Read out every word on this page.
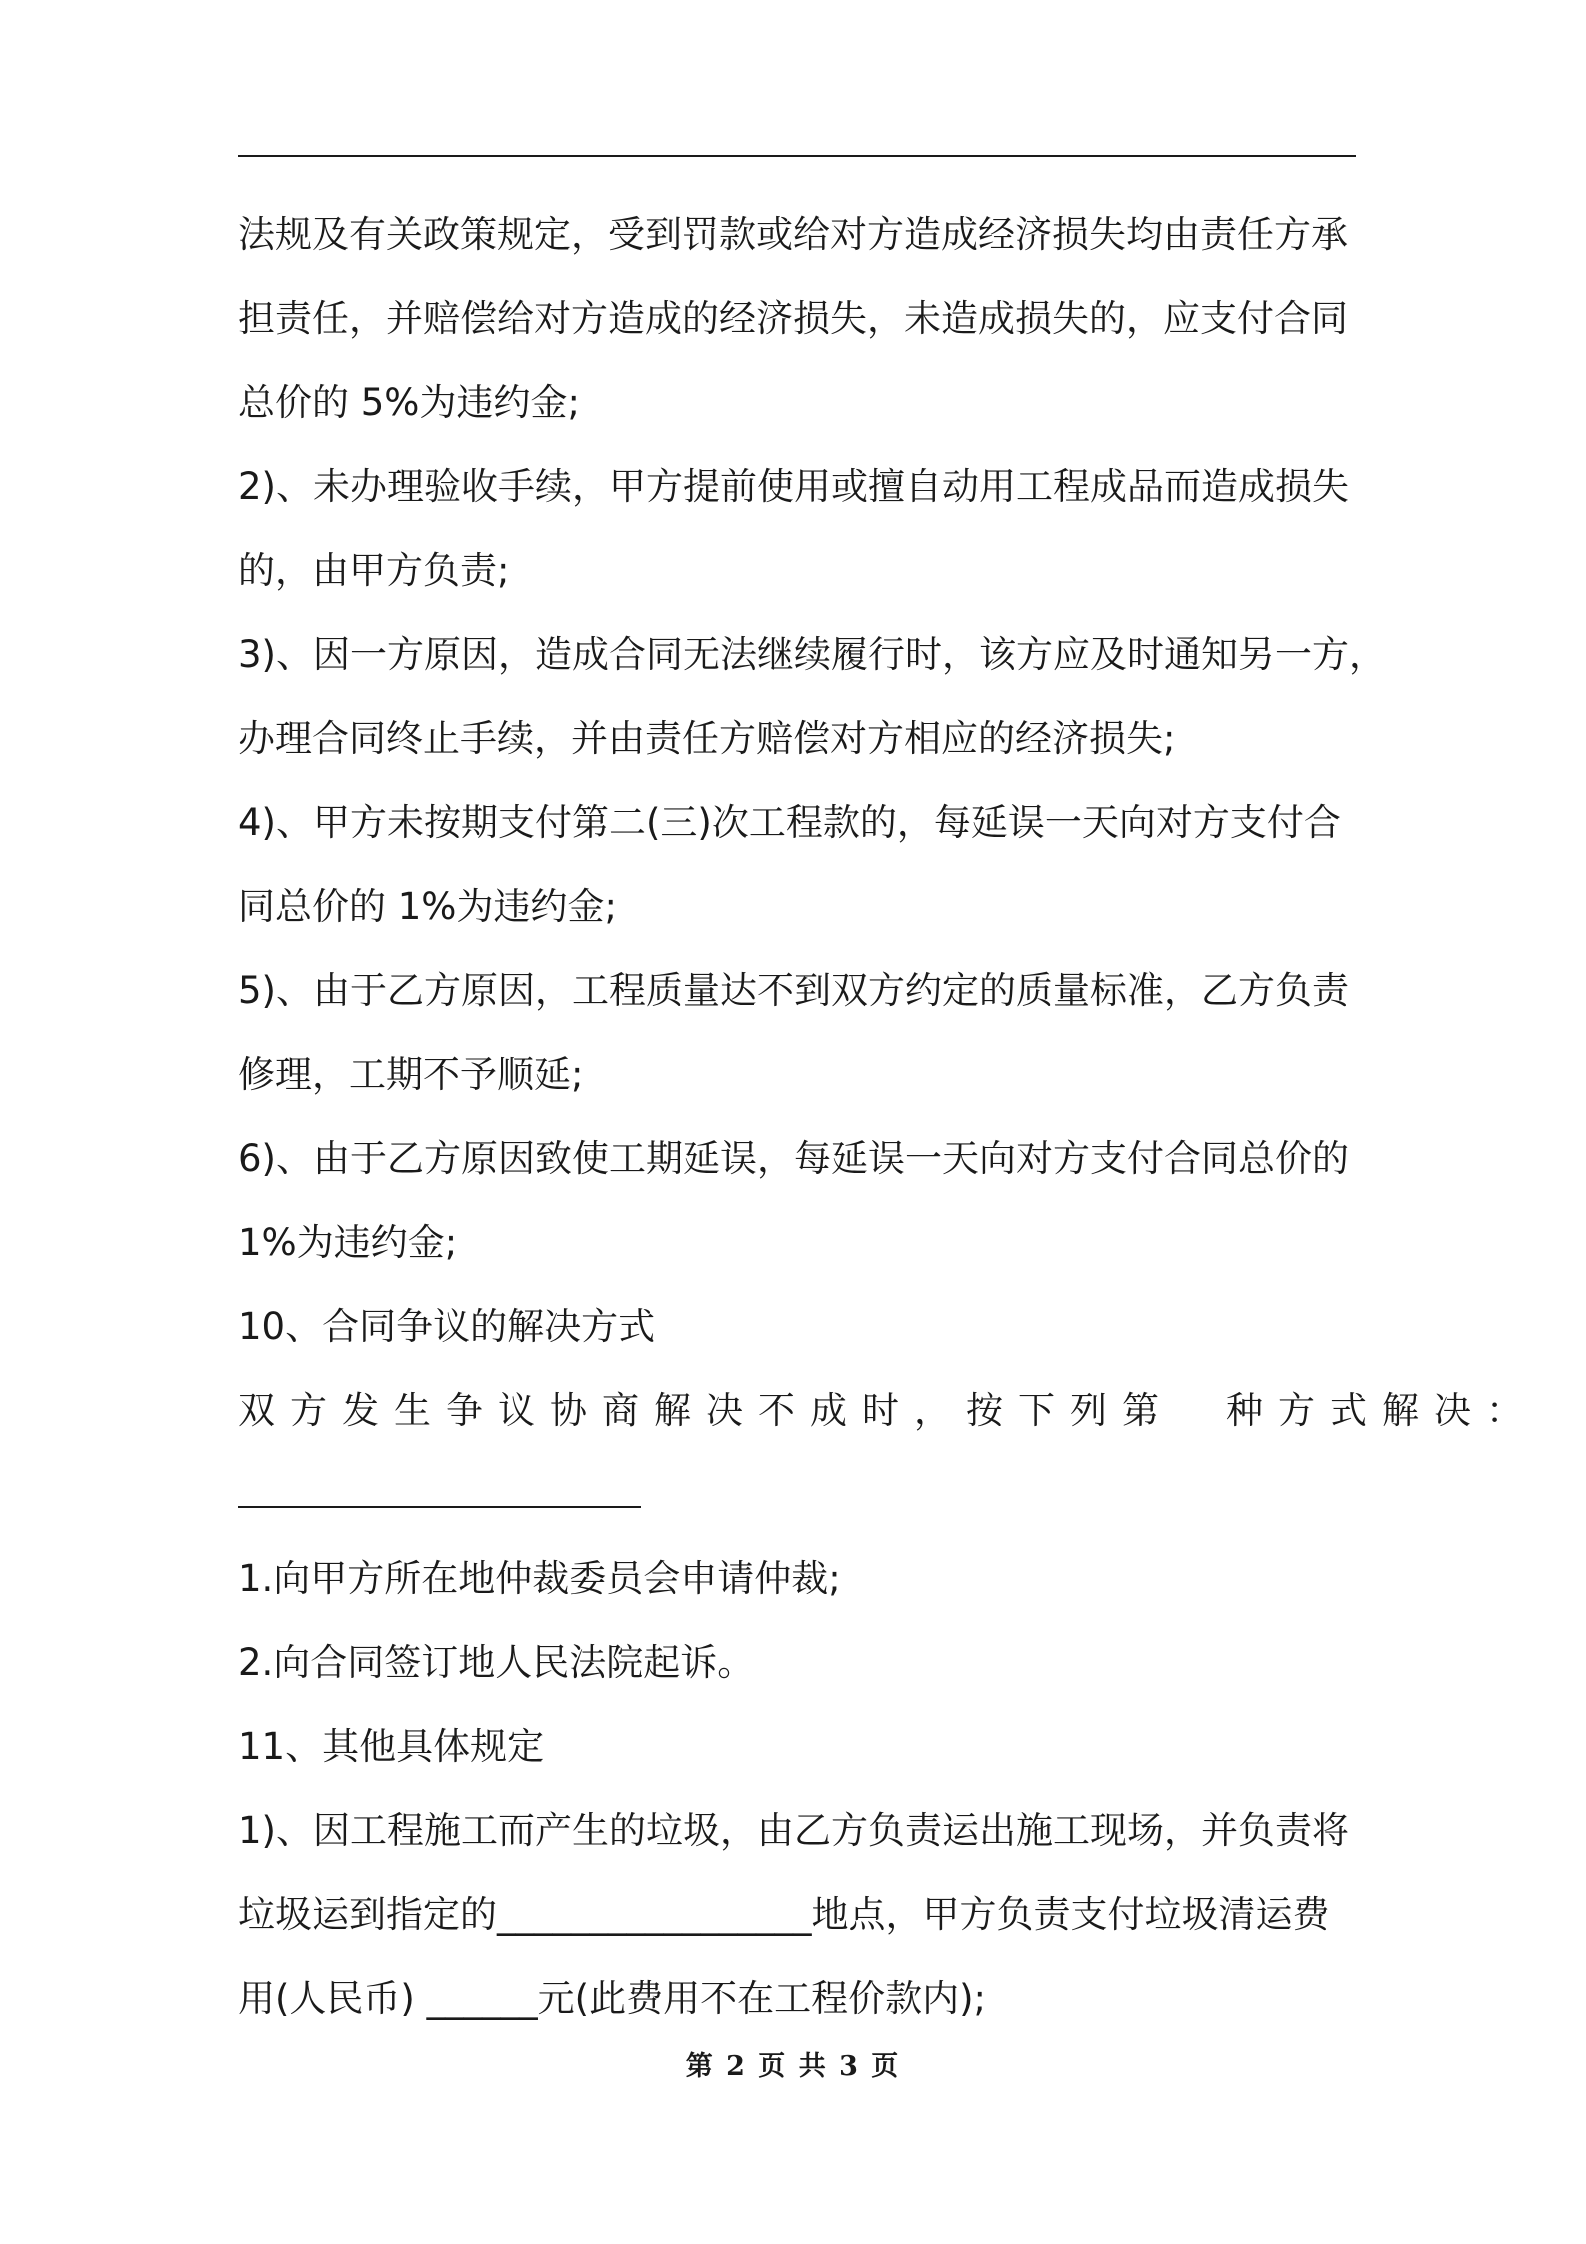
法规及有关政策规定，受到罚款或给对方造成经济损失均由责任方承
担责任，并赔偿给对方造成的经济损失，未造成损失的，应支付合同
总价的 5%为违约金;
2)、未办理验收手续，甲方提前使用或擅自动用工程成品而造成损失
的，由甲方负责;
3)、因一方原因，造成合同无法继续履行时，该方应及时通知另一方，
办理合同终止手续，并由责任方赔偿对方相应的经济损失;
4)、甲方未按期支付第二(三)次工程款的，每延误一天向对方支付合
同总价的 1%为违约金;
5)、由于乙方原因，工程质量达不到双方约定的质量标准，乙方负责
修理，工期不予顺延;
6)、由于乙方原因致使工期延误，每延误一天向对方支付合同总价的
1%为违约金;
10、合同争议的解决方式
双方发生争议协商解决不成时，按下列第　种方式解决：
1.向甲方所在地仲裁委员会申请仲裁;
2.向合同签订地人民法院起诉。
11、其他具体规定
1)、因工程施工而产生的垃圾，由乙方负责运出施工现场，并负责将
垃圾运到指定的_________________地点，甲方负责支付垃圾清运费
用(人民币) ______元(此费用不在工程价款内);
第 2 页 共 3 页
